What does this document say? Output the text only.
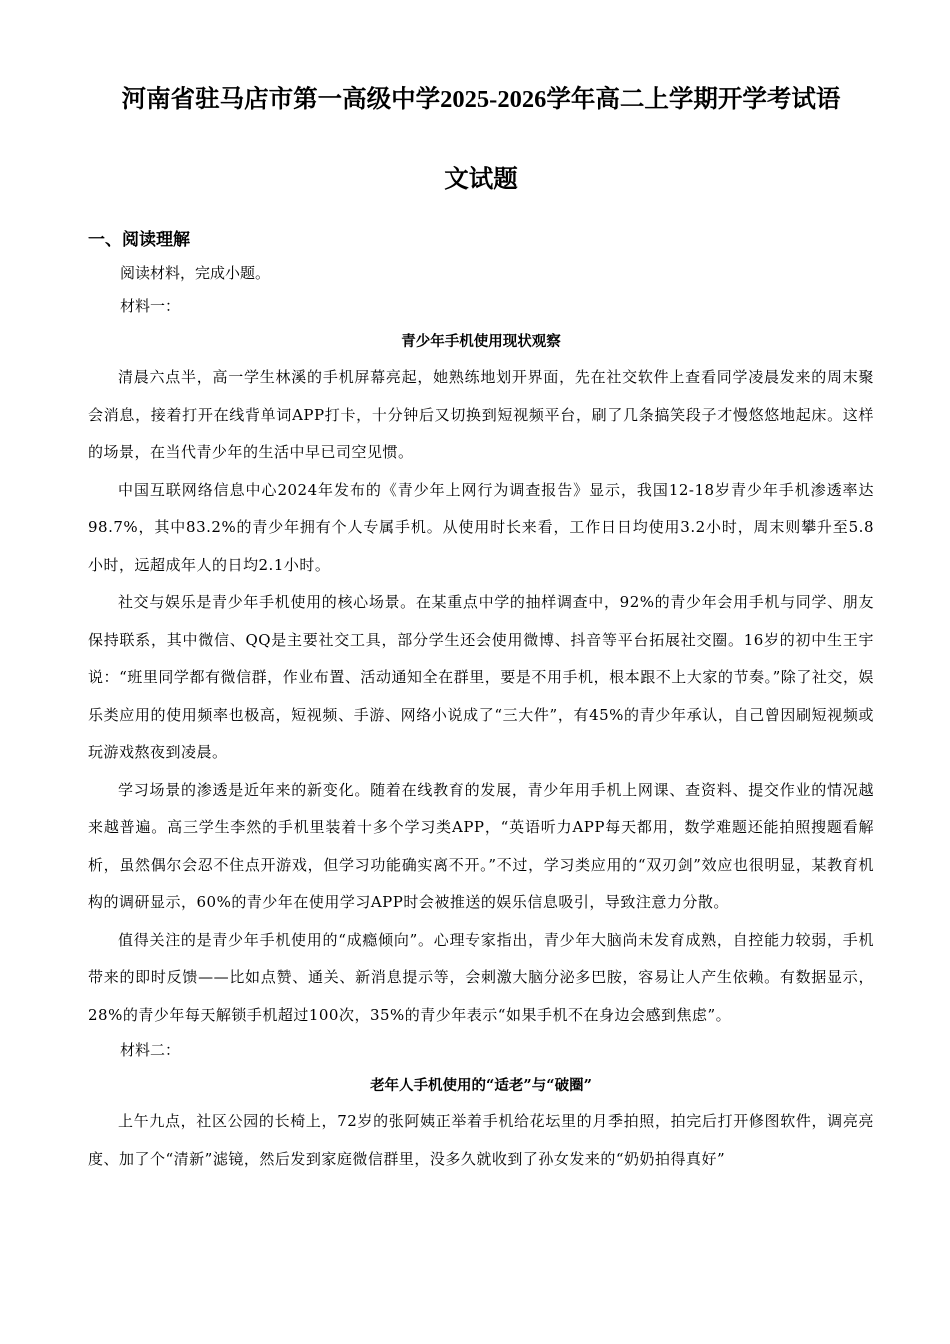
河南省驻马店市第一高级中学2025-2026学年高二上学期开学考试语
文试题
一、阅读理解
阅读材料，完成小题。
材料一：
青少年手机使用现状观察

清晨六点半，高一学生林溪的手机屏幕亮起，她熟练地划开界面，先在社交软件上查看同学凌晨发来的周末聚会消息，接着打开在线背单词APP打卡，十分钟后又切换到短视频平台，刷了几条搞笑段子才慢悠悠地起床。这样的场景，在当代青少年的生活中早已司空见惯。

中国互联网络信息中心2024年发布的《青少年上网行为调查报告》显示，我国12-18岁青少年手机渗透率达98.7%，其中83.2%的青少年拥有个人专属手机。从使用时长来看，工作日日均使用3.2小时，周末则攀升至5.8小时，远超成年人的日均2.1小时。

社交与娱乐是青少年手机使用的核心场景。在某重点中学的抽样调查中，92%的青少年会用手机与同学、朋友保持联系，其中微信、QQ是主要社交工具，部分学生还会使用微博、抖音等平台拓展社交圈。16岁的初中生王宇说：“班里同学都有微信群，作业布置、活动通知全在群里，要是不用手机，根本跟不上大家的节奏。”除了社交，娱乐类应用的使用频率也极高，短视频、手游、网络小说成了“三大件”，有45%的青少年承认，自己曾因刷短视频或玩游戏熬夜到凌晨。

学习场景的渗透是近年来的新变化。随着在线教育的发展，青少年用手机上网课、查资料、提交作业的情况越来越普遍。高三学生李然的手机里装着十多个学习类APP，“英语听力APP每天都用，数学难题还能拍照搜题看解析，虽然偶尔会忍不住点开游戏，但学习功能确实离不开。”不过，学习类应用的“双刃剑”效应也很明显，某教育机构的调研显示，60%的青少年在使用学习APP时会被推送的娱乐信息吸引，导致注意力分散。

值得关注的是青少年手机使用的“成瘾倾向”。心理专家指出，青少年大脑尚未发育成熟，自控能力较弱，手机带来的即时反馈——比如点赞、通关、新消息提示等，会刺激大脑分泌多巴胺，容易让人产生依赖。有数据显示，28%的青少年每天解锁手机超过100次，35%的青少年表示“如果手机不在身边会感到焦虑”。

材料二：
老年人手机使用的“适老”与“破圈”

上午九点，社区公园的长椅上，72岁的张阿姨正举着手机给花坛里的月季拍照，拍完后打开修图软件，调亮亮度、加了个“清新”滤镜，然后发到家庭微信群里，没多久就收到了孙女发来的“奶奶拍得真好”
